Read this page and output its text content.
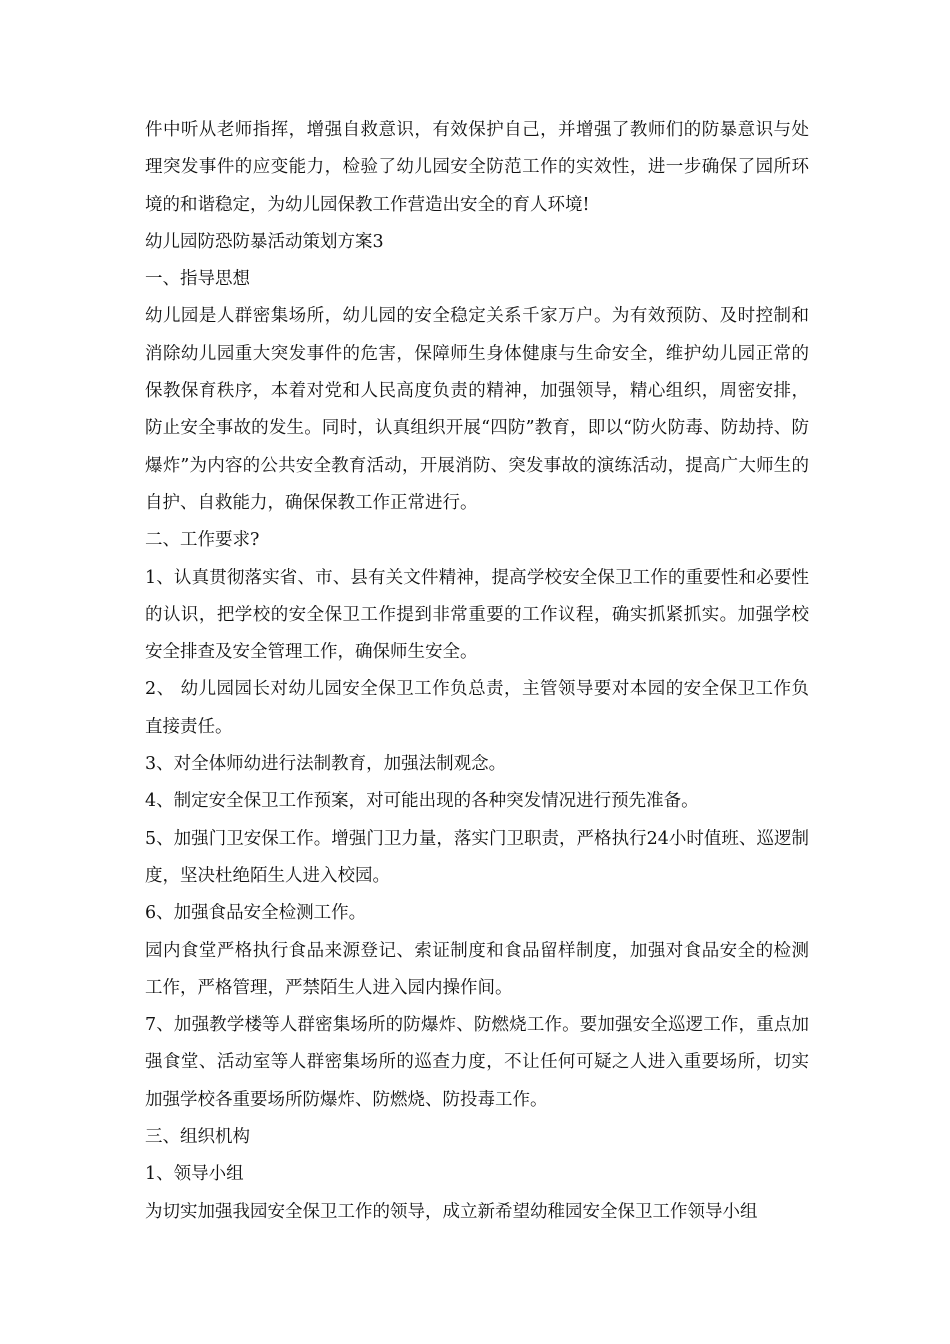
件中听从老师指挥，增强自救意识，有效保护自己，并增强了教师们的防暴意识与处理突发事件的应变能力，检验了幼儿园安全防范工作的实效性，进一步确保了园所环境的和谐稳定，为幼儿园保教工作营造出安全的育人环境!

幼儿园防恐防暴活动策划方案3

一、指导思想

幼儿园是人群密集场所，幼儿园的安全稳定关系千家万户。为有效预防、及时控制和消除幼儿园重大突发事件的危害，保障师生身体健康与生命安全，维护幼儿园正常的保教保育秩序，本着对党和人民高度负责的精神，加强领导，精心组织，周密安排，防止安全事故的发生。同时，认真组织开展“四防”教育，即以“防火防毒、防劫持、防爆炸”为内容的公共安全教育活动，开展消防、突发事故的演练活动，提高广大师生的自护、自救能力，确保保教工作正常进行。

二、工作要求?

1、认真贯彻落实省、市、县有关文件精神，提高学校安全保卫工作的重要性和必要性的认识，把学校的安全保卫工作提到非常重要的工作议程，确实抓紧抓实。加强学校安全排查及安全管理工作，确保师生安全。

2、 幼儿园园长对幼儿园安全保卫工作负总责，主管领导要对本园的安全保卫工作负直接责任。

3、对全体师幼进行法制教育，加强法制观念。

4、制定安全保卫工作预案，对可能出现的各种突发情况进行预先准备。

5、加强门卫安保工作。增强门卫力量，落实门卫职责，严格执行24小时值班、巡逻制度，坚决杜绝陌生人进入校园。

6、加强食品安全检测工作。

园内食堂严格执行食品来源登记、索证制度和食品留样制度，加强对食品安全的检测工作，严格管理，严禁陌生人进入园内操作间。

7、加强教学楼等人群密集场所的防爆炸、防燃烧工作。要加强安全巡逻工作，重点加强食堂、活动室等人群密集场所的巡查力度，不让任何可疑之人进入重要场所，切实加强学校各重要场所防爆炸、防燃烧、防投毒工作。

三、组织机构

1、领导小组

为切实加强我园安全保卫工作的领导，成立新希望幼稚园安全保卫工作领导小组
